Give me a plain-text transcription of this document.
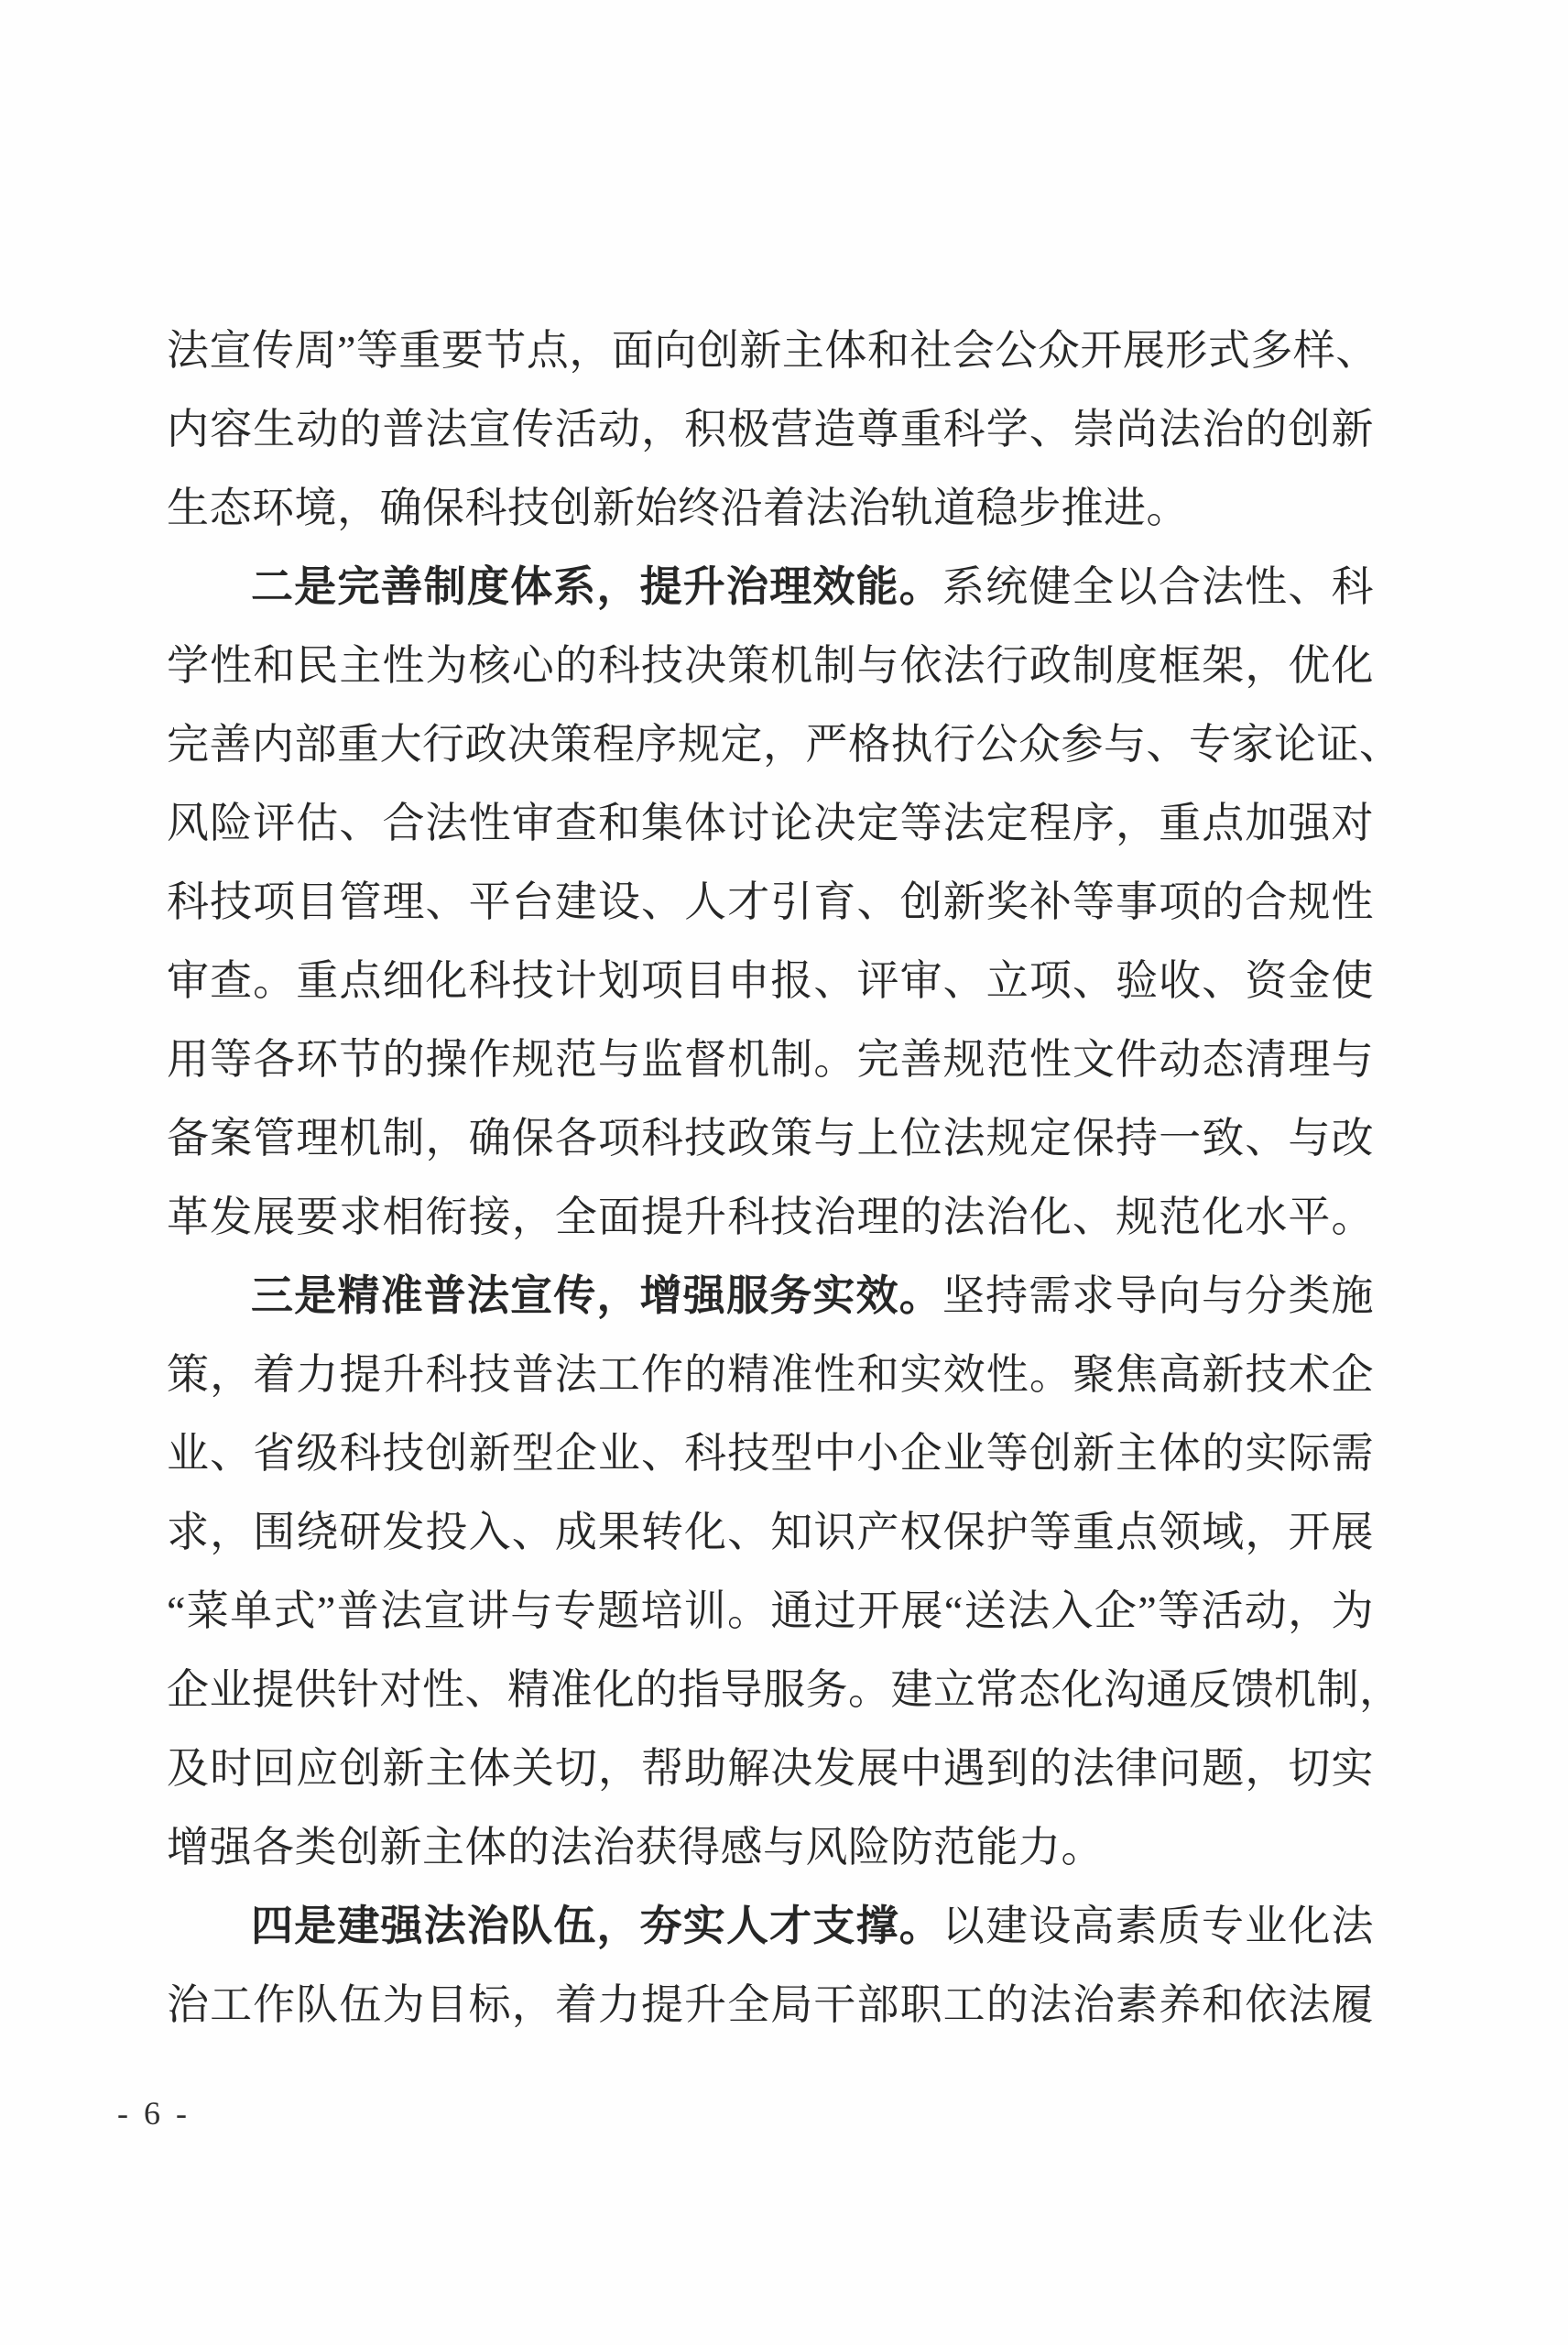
法宣传周”等重要节点，面向创新主体和社会公众开展形式多样、
内容生动的普法宣传活动，积极营造尊重科学、崇尚法治的创新
生态环境，确保科技创新始终沿着法治轨道稳步推进。
二是完善制度体系，提升治理效能。系统健全以合法性、科
学性和民主性为核心的科技决策机制与依法行政制度框架，优化
完善内部重大行政决策程序规定，严格执行公众参与、专家论证、
风险评估、合法性审查和集体讨论决定等法定程序，重点加强对
科技项目管理、平台建设、人才引育、创新奖补等事项的合规性
审查。重点细化科技计划项目申报、评审、立项、验收、资金使
用等各环节的操作规范与监督机制。完善规范性文件动态清理与
备案管理机制，确保各项科技政策与上位法规定保持一致、与改
革发展要求相衔接，全面提升科技治理的法治化、规范化水平。
三是精准普法宣传，增强服务实效。坚持需求导向与分类施
策，着力提升科技普法工作的精准性和实效性。聚焦高新技术企
业、省级科技创新型企业、科技型中小企业等创新主体的实际需
求，围绕研发投入、成果转化、知识产权保护等重点领域，开展
“菜单式”普法宣讲与专题培训。通过开展“送法入企”等活动，为
企业提供针对性、精准化的指导服务。建立常态化沟通反馈机制，
及时回应创新主体关切，帮助解决发展中遇到的法律问题，切实
增强各类创新主体的法治获得感与风险防范能力。
四是建强法治队伍，夯实人才支撑。以建设高素质专业化法
治工作队伍为目标，着力提升全局干部职工的法治素养和依法履
- 6 -
